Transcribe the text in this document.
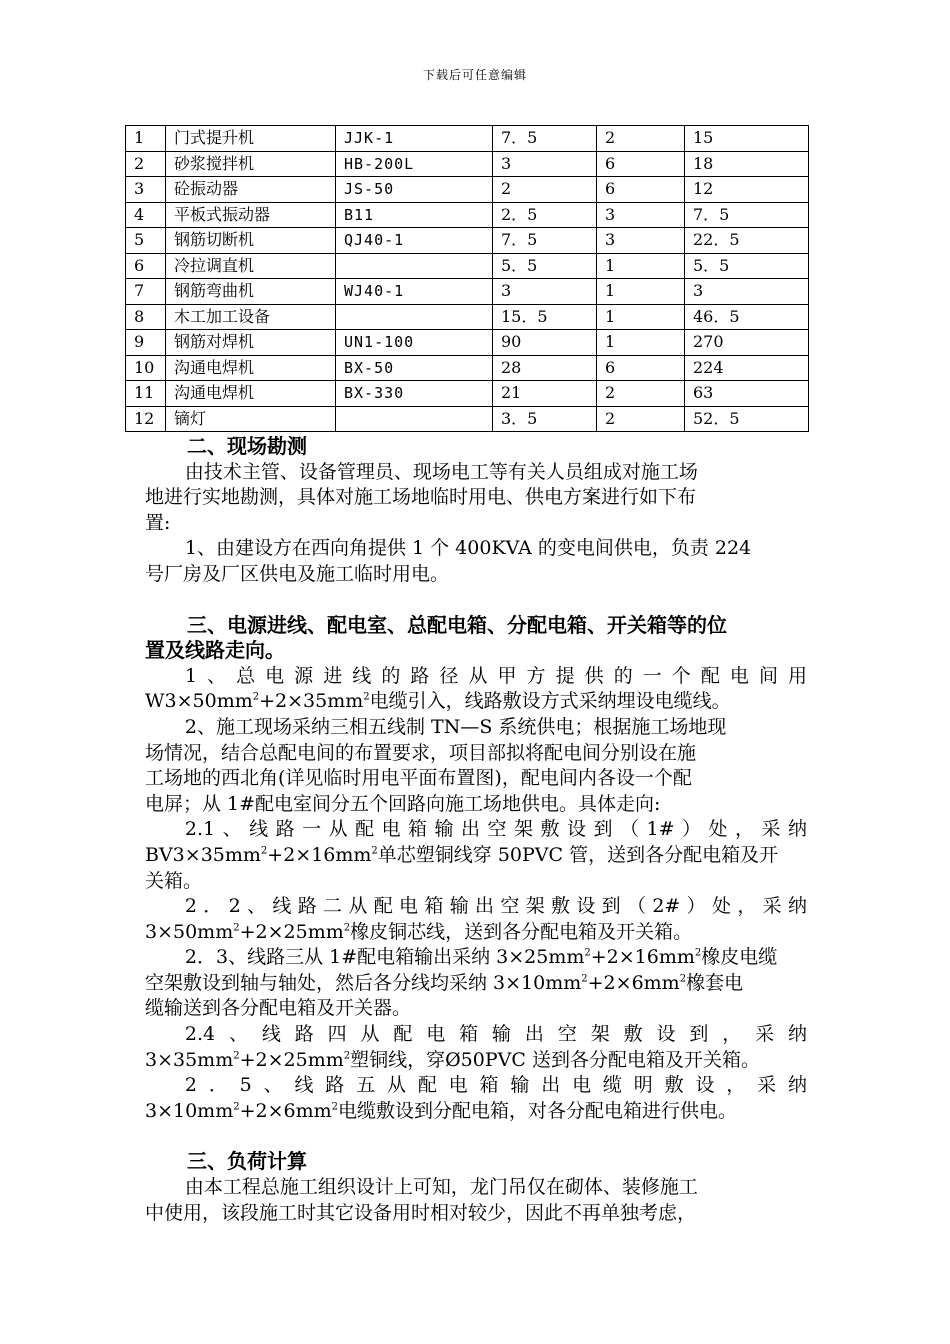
下载后可任意编辑
1	门式提升机	JJK-1	7．5	2	15
2	砂浆搅拌机	HB-200L	3	6	18
3	砼振动器	JS-50	2	6	12
4	平板式振动器	B11	2．5	3	7．5
5	钢筋切断机	QJ40-1	7．5	3	22．5
6	冷拉调直机		5．5	1	5．5
7	钢筋弯曲机	WJ40-1	3	1	3
8	木工加工设备		15．5	1	46．5
9	钢筋对焊机	UN1-100	90	1	270
10	沟通电焊机	BX-50	28	6	224
11	沟通电焊机	BX-330	21	2	63
12	镝灯		3．5	2	52．5

二、现场勘测

由技术主管、设备管理员、现场电工等有关人员组成对施工场

地进行实地勘测，具体对施工场地临时用电、供电方案进行如下布

置:

1、由建设方在西向角提供 1 个 400KVA 的变电间供电，负责 224

号厂房及厂区供电及施工临时用电。

三、电源进线、配电室、总配电箱、分配电箱、开关箱等的位

置及线路走向。

1、总电源进线的路径从甲方提供的一个配电间用

$W3\times 50mm^2+2\times 35mm^2$电缆引入，线路敷设方式采纳埋设电缆线。

2、施工现场采纳三相五线制 TN—S 系统供电；根据施工场地现

场情况，结合总配电间的布置要求，项目部拟将配电间分别设在施

工场地的西北角(详见临时用电平面布置图)，配电间内各设一个配

电屏；从 1#配电室间分五个回路向施工场地供电。具体走向:

2.1、线路一从配电箱输出空架敷设到（1#）处，采纳

$BV3\times 35mm^2+2\times 16mm^2$单芯塑铜线穿 50PVC 管，送到各分配电箱及开

关箱。

2．2、线路二从配电箱输出空架敷设到（2#）处，采纳

$3\times 50mm^2+2\times 25mm^2$橡皮铜芯线，送到各分配电箱及开关箱。

2．3、线路三从 1#配电箱输出采纳 $3\times 25mm^2+2\times 16mm^2$橡皮电缆

空架敷设到轴与轴处，然后各分线均采纳 $3\times 10mm^2+2\times 6mm^2$橡套电

缆输送到各分配电箱及开关器。

2.4、线路四从配电箱输出空架敷设到，采纳

$3\times 35mm^2+2\times 25mm^2$塑铜线，穿Ø50PVC 送到各分配电箱及开关箱。

2．5、线路五从配电箱输出电缆明敷设，采纳

$3\times 10mm^2+2\times 6mm^2$电缆敷设到分配电箱，对各分配电箱进行供电。

三、负荷计算

由本工程总施工组织设计上可知，龙门吊仅在砌体、装修施工

中使用，该段施工时其它设备用时相对较少，因此不再单独考虑，
